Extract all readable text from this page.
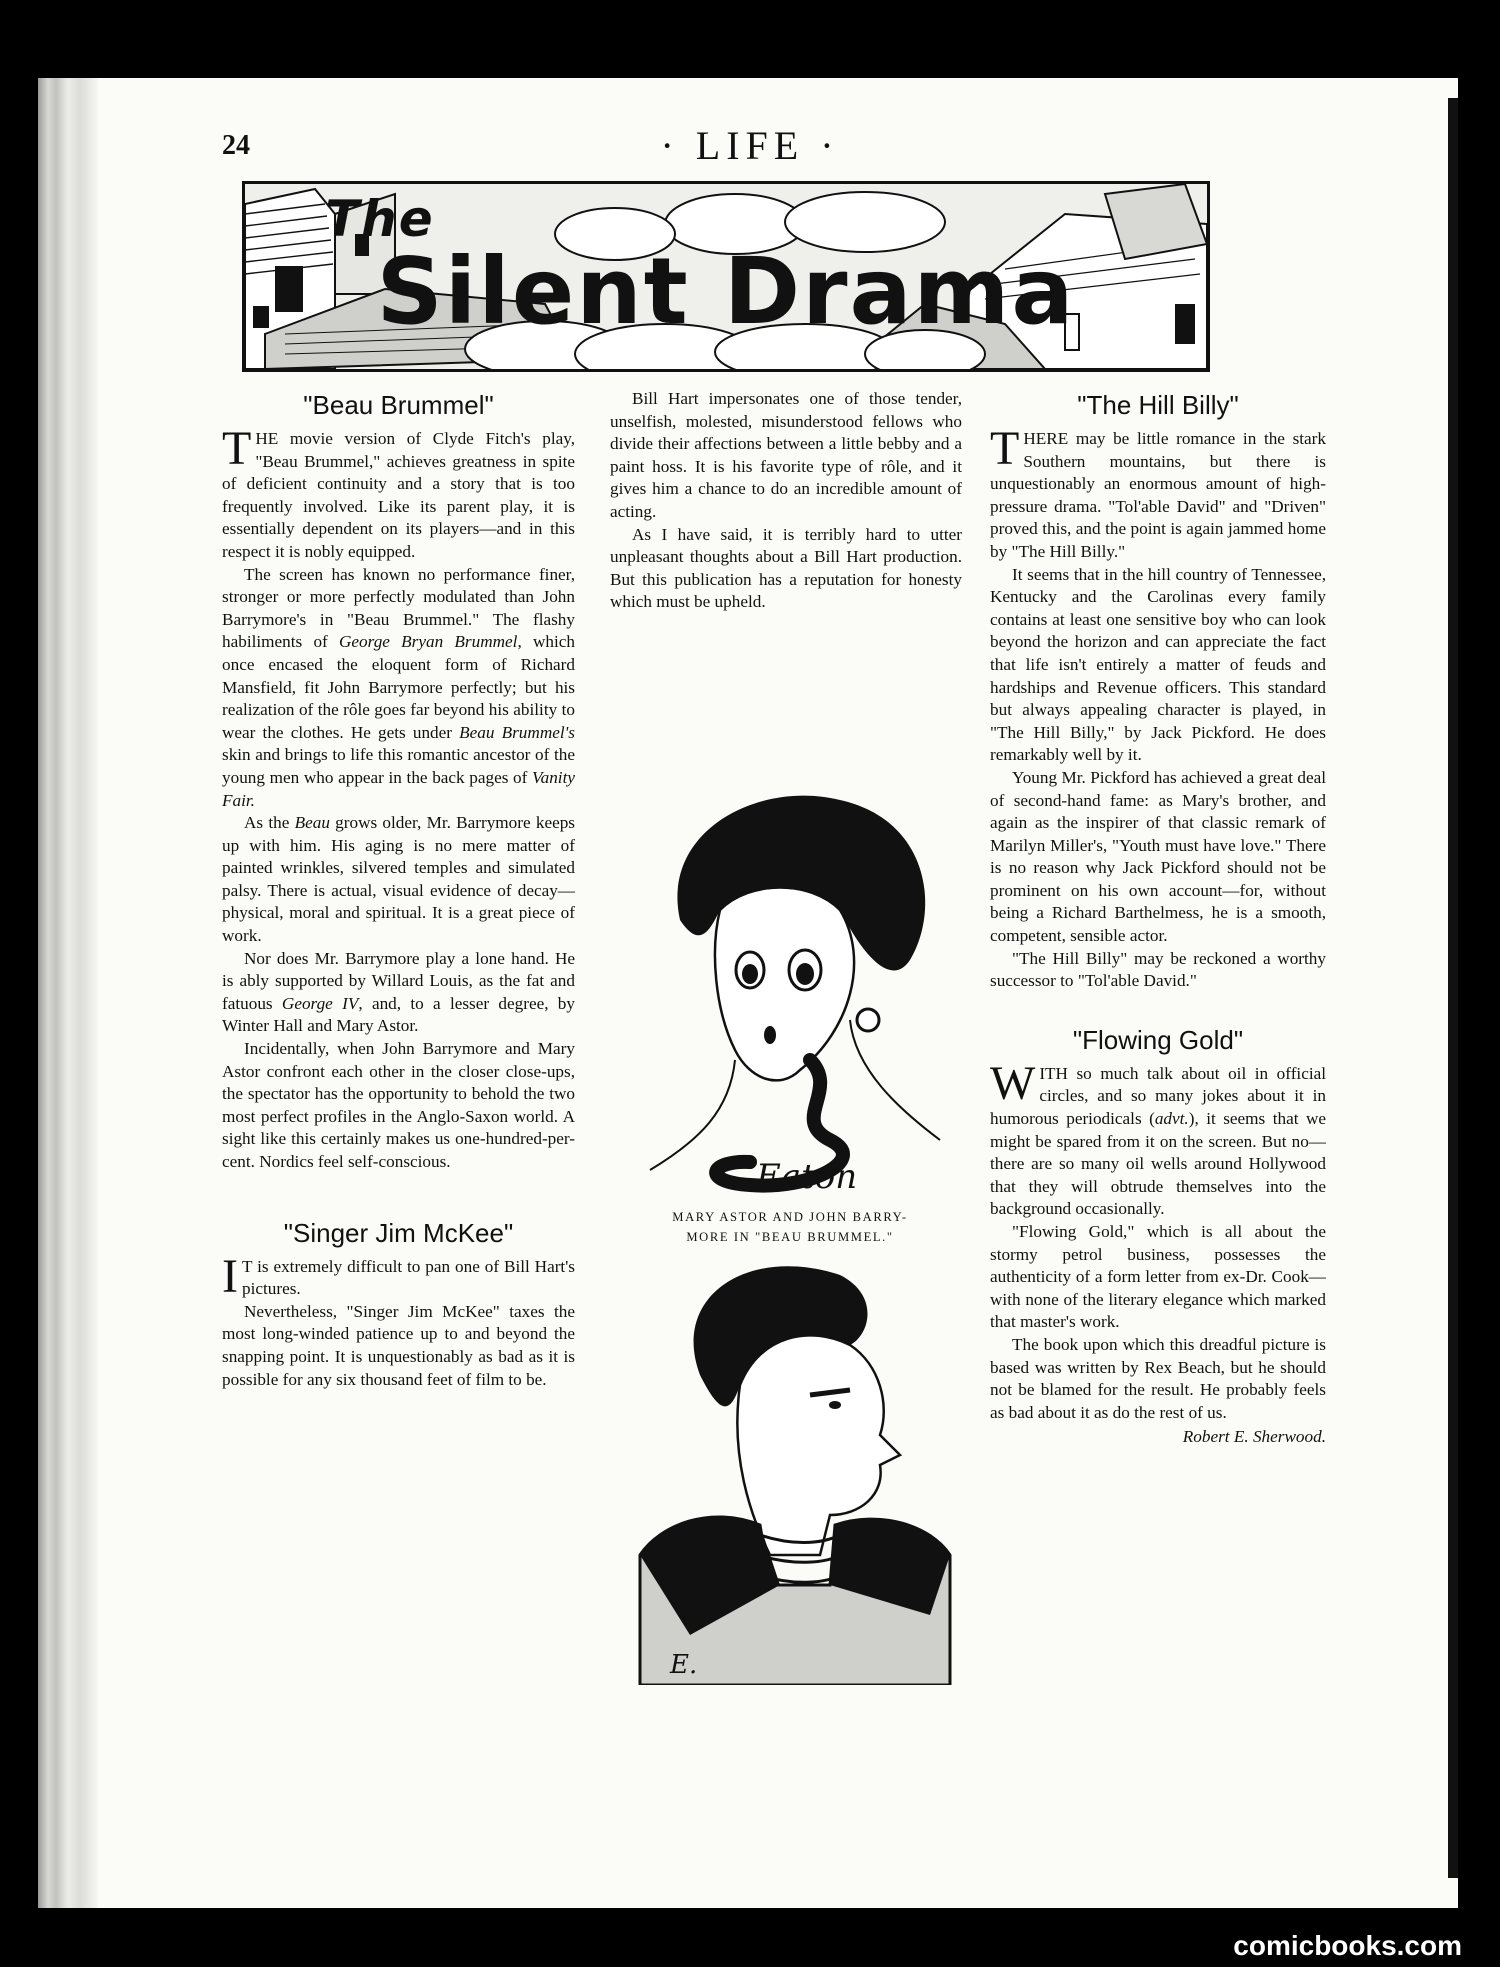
24	· LIFE ·
The
Silent Drama
"Beau Brummel"

THE movie version of Clyde Fitch's play, "Beau Brummel," achieves greatness in spite of deficient continuity and a story that is too frequently involved. Like its parent play, it is essentially dependent on its players—and in this respect it is nobly equipped.

The screen has known no performance finer, stronger or more perfectly modulated than John Barrymore's in "Beau Brummel." The flashy habiliments of George Bryan Brummel, which once encased the eloquent form of Richard Mansfield, fit John Barrymore perfectly; but his realization of the rôle goes far beyond his ability to wear the clothes. He gets under Beau Brummel's skin and brings to life this romantic ancestor of the young men who appear in the back pages of Vanity Fair.

As the Beau grows older, Mr. Barrymore keeps up with him. His aging is no mere matter of painted wrinkles, silvered temples and simulated palsy. There is actual, visual evidence of decay—physical, moral and spiritual. It is a great piece of work.

Nor does Mr. Barrymore play a lone hand. He is ably supported by Willard Louis, as the fat and fatuous George IV, and, to a lesser degree, by Winter Hall and Mary Astor.

Incidentally, when John Barrymore and Mary Astor confront each other in the closer close-ups, the spectator has the opportunity to behold the two most perfect profiles in the Anglo-Saxon world. A sight like this certainly makes us one-hundred-per-cent. Nordics feel self-conscious.

"Singer Jim McKee"

I T is extremely difficult to pan one of Bill Hart's pictures.

Nevertheless, "Singer Jim McKee" taxes the most long-winded patience up to and beyond the snapping point. It is unquestionably as bad as it is possible for any six thousand feet of film to be.

Bill Hart impersonates one of those tender, unselfish, molested, misunderstood fellows who divide their affections between a little bebby and a paint hoss. It is his favorite type of rôle, and it gives him a chance to do an incredible amount of acting.

As I have said, it is terribly hard to utter unpleasant thoughts about a Bill Hart production. But this publication has a reputation for honesty which must be upheld.

Eaton
MARY ASTOR AND JOHN BARRY-
MORE IN "BEAU BRUMMEL."
E.
"The Hill Billy"

THERE may be little romance in the stark Southern mountains, but there is unquestionably an enormous amount of high-pressure drama. "Tol'able David" and "Driven" proved this, and the point is again jammed home by "The Hill Billy."

It seems that in the hill country of Tennessee, Kentucky and the Carolinas every family contains at least one sensitive boy who can look beyond the horizon and can appreciate the fact that life isn't entirely a matter of feuds and hardships and Revenue officers. This standard but always appealing character is played, in "The Hill Billy," by Jack Pickford. He does remarkably well by it.

Young Mr. Pickford has achieved a great deal of second-hand fame: as Mary's brother, and again as the inspirer of that classic remark of Marilyn Miller's, "Youth must have love." There is no reason why Jack Pickford should not be prominent on his own account—for, without being a Richard Barthelmess, he is a smooth, competent, sensible actor.

"The Hill Billy" may be reckoned a worthy successor to "Tol'able David."

"Flowing Gold"

WITH so much talk about oil in official circles, and so many jokes about it in humorous periodicals (advt.), it seems that we might be spared from it on the screen. But no—there are so many oil wells around Hollywood that they will obtrude themselves into the background occasionally.

"Flowing Gold," which is all about the stormy petrol business, possesses the authenticity of a form letter from ex-Dr. Cook—with none of the literary elegance which marked that master's work.

The book upon which this dreadful picture is based was written by Rex Beach, but he should not be blamed for the result. He probably feels as bad about it as do the rest of us.

Robert E. Sherwood.
comicbooks.com
